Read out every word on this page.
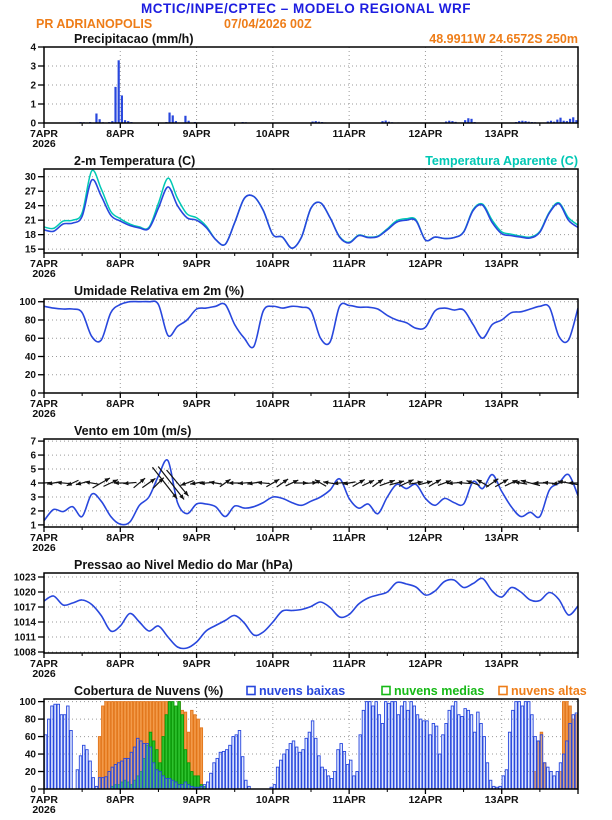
MCTIC/INPE/CPTEC – MODELO REGIONAL WRF
PR ADRIANOPOLIS	07/04/2026 00Z
0
1
2
3
4
7APR
2026
8APR	9APR	10APR	11APR	12APR	13APR
Precipitacao (mm/h)	48.9911W 24.6572S 250m
15
18
21
24
27
30
7APR
2026
8APR	9APR	10APR	11APR	12APR	13APR
2-m Temperatura (C)	Temperatura Aparente (C)
0
20
40
60
80
100
7APR
2026
8APR	9APR	10APR	11APR	12APR	13APR
Umidade Relativa em 2m (%)
1
2
3
4
5
6
7
7APR
2026
8APR	9APR	10APR	11APR	12APR	13APR
Vento em 10m (m/s)
1008
1011
1014
1017
1020
1023
7APR
2026
8APR	9APR	10APR	11APR	12APR	13APR
Pressao ao Nivel Medio do Mar (hPa)
0
20
40
60
80
100
7APR
2026
8APR	9APR	10APR	11APR	12APR	13APR
Cobertura de Nuvens (%)	nuvens baixas	nuvens medias nuvens altas
